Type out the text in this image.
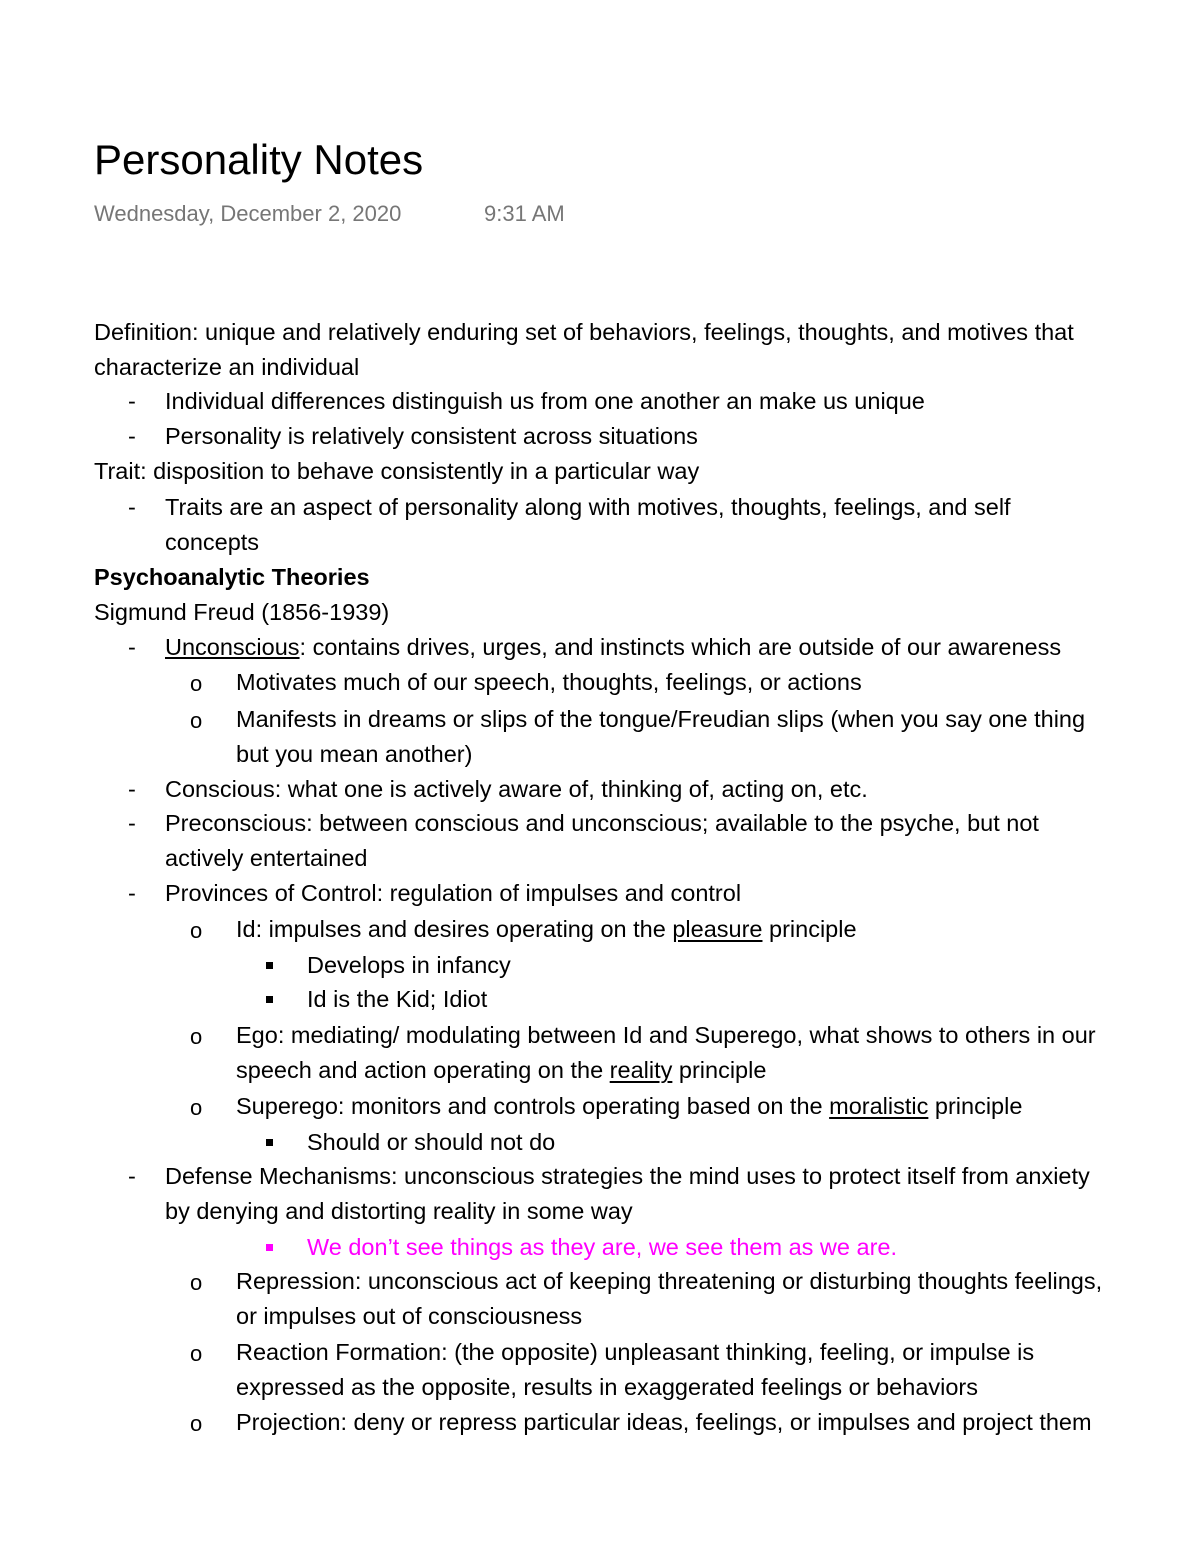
Personality Notes
Wednesday, December 2, 2020	9:31 AM
Definition: unique and relatively enduring set of behaviors, feelings, thoughts, and motives that
characterize an individual
- Individual differences distinguish us from one another an make us unique
- Personality is relatively consistent across situations
Trait: disposition to behave consistently in a particular way
- Traits are an aspect of personality along with motives, thoughts, feelings, and self
concepts
Psychoanalytic Theories
Sigmund Freud (1856-1939)
- Unconscious: contains drives, urges, and instincts which are outside of our awareness
o Motivates much of our speech, thoughts, feelings, or actions
o Manifests in dreams or slips of the tongue/Freudian slips (when you say one thing
but you mean another)
- Conscious: what one is actively aware of, thinking of, acting on, etc.
- Preconscious: between conscious and unconscious; available to the psyche, but not
actively entertained
- Provinces of Control: regulation of impulses and control
o Id: impulses and desires operating on the pleasure principle
Develops in infancy
Id is the Kid; Idiot
o Ego: mediating/ modulating between Id and Superego, what shows to others in our
speech and action operating on the reality principle
o Superego: monitors and controls operating based on the moralistic principle
Should or should not do
- Defense Mechanisms: unconscious strategies the mind uses to protect itself from anxiety
by denying and distorting reality in some way
We don’t see things as they are, we see them as we are.
o Repression: unconscious act of keeping threatening or disturbing thoughts feelings,
or impulses out of consciousness
o Reaction Formation: (the opposite) unpleasant thinking, feeling, or impulse is
expressed as the opposite, results in exaggerated feelings or behaviors
o Projection: deny or repress particular ideas, feelings, or impulses and project them
